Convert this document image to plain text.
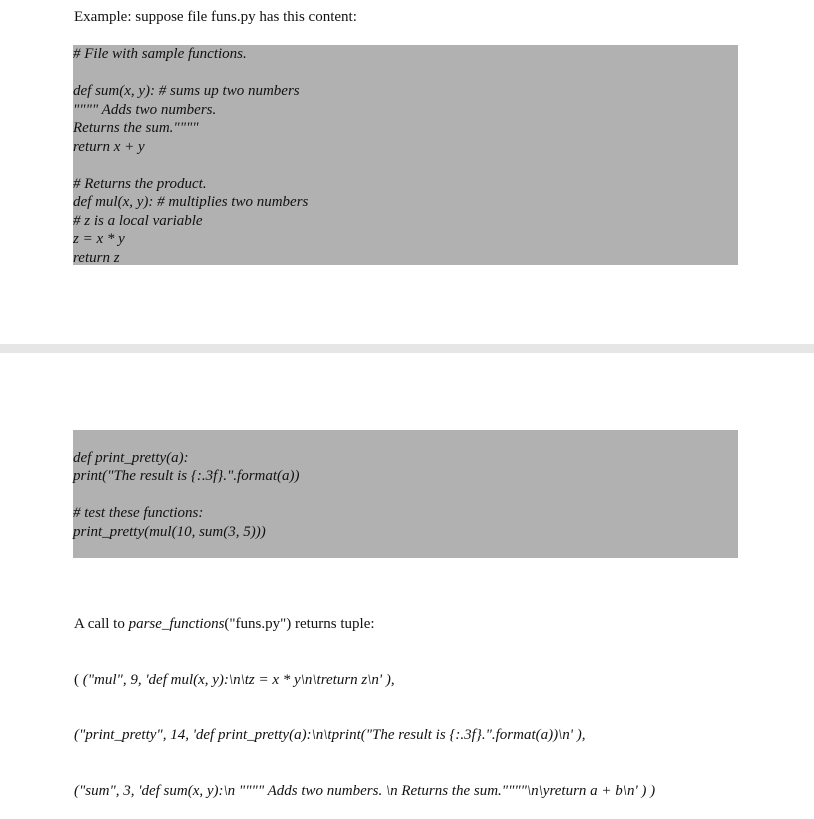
Example: suppose file funs.py has this content:
# File with sample functions.
def sum(x, y): # sums up two numbers
"""" Adds two numbers.
Returns the sum.""""
return x + y
# Returns the product.
def mul(x, y): # multiplies two numbers
# z is a local variable
z = x * y
return z
def print_pretty(a):
print("The result is {:.3f}.".format(a))
# test these functions:
print_pretty(mul(10, sum(3, 5)))

A call to parse_functions("funs.py") returns tuple:

( ("mul", 9, 'def mul(x, y):\n\tz = x * y\n\treturn z\n' ),

("print_pretty", 14, 'def print_pretty(a):\n\tprint("The result is {:.3f}.".format(a))\n' ),

("sum", 3, 'def sum(x, y):\n """" Adds two numbers. \n Returns the sum.""""\n\yreturn a + b\n' ) )
